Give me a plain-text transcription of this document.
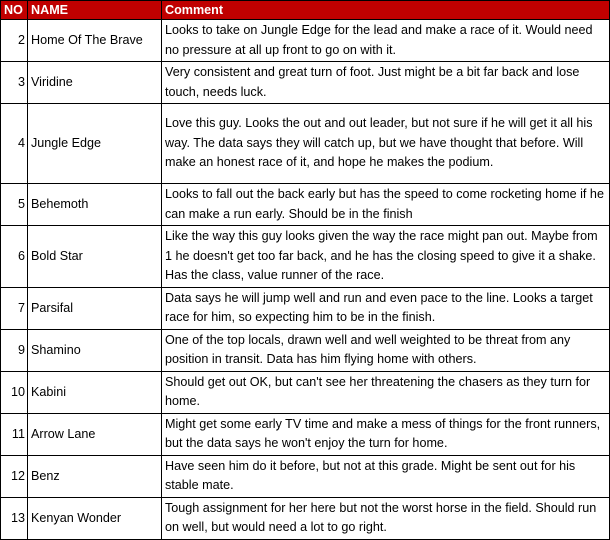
NO	NAME	Comment
2	Home Of The Brave	Looks to take on Jungle Edge for the lead and make a race of it. Would need no pressure at all up front to go on with it.
3	Viridine	Very consistent and great turn of foot. Just might be a bit far back and lose touch, needs luck.
4	Jungle Edge	Love this guy. Looks the out and out leader, but not sure if he will get it all his way. The data says they will catch up, but we have thought that before. Will make an honest race of it, and hope he makes the podium.
5	Behemoth	Looks to fall out the back early but has the speed to come rocketing home if he can make a run early. Should be in the finish
6	Bold Star	Like the way this guy looks given the way the race might pan out. Maybe from 1 he doesn't get too far back, and he has the closing speed to give it a shake. Has the class, value runner of the race.
7	Parsifal	Data says he will jump well and run and even pace to the line. Looks a target race for him, so expecting him to be in the finish.
9	Shamino	One of the top locals, drawn well and well weighted to be threat from any position in transit. Data has him flying home with others.
10	Kabini	Should get out OK, but can't see her threatening the chasers as they turn for home.
11	Arrow Lane	Might get some early TV time and make a mess of things for the front runners, but the data says he won't enjoy the turn for home.
12	Benz	Have seen him do it before, but not at this grade. Might be sent out for his stable mate.
13	Kenyan Wonder	Tough assignment for her here but not the worst horse in the field. Should run on well, but would need a lot to go right.
